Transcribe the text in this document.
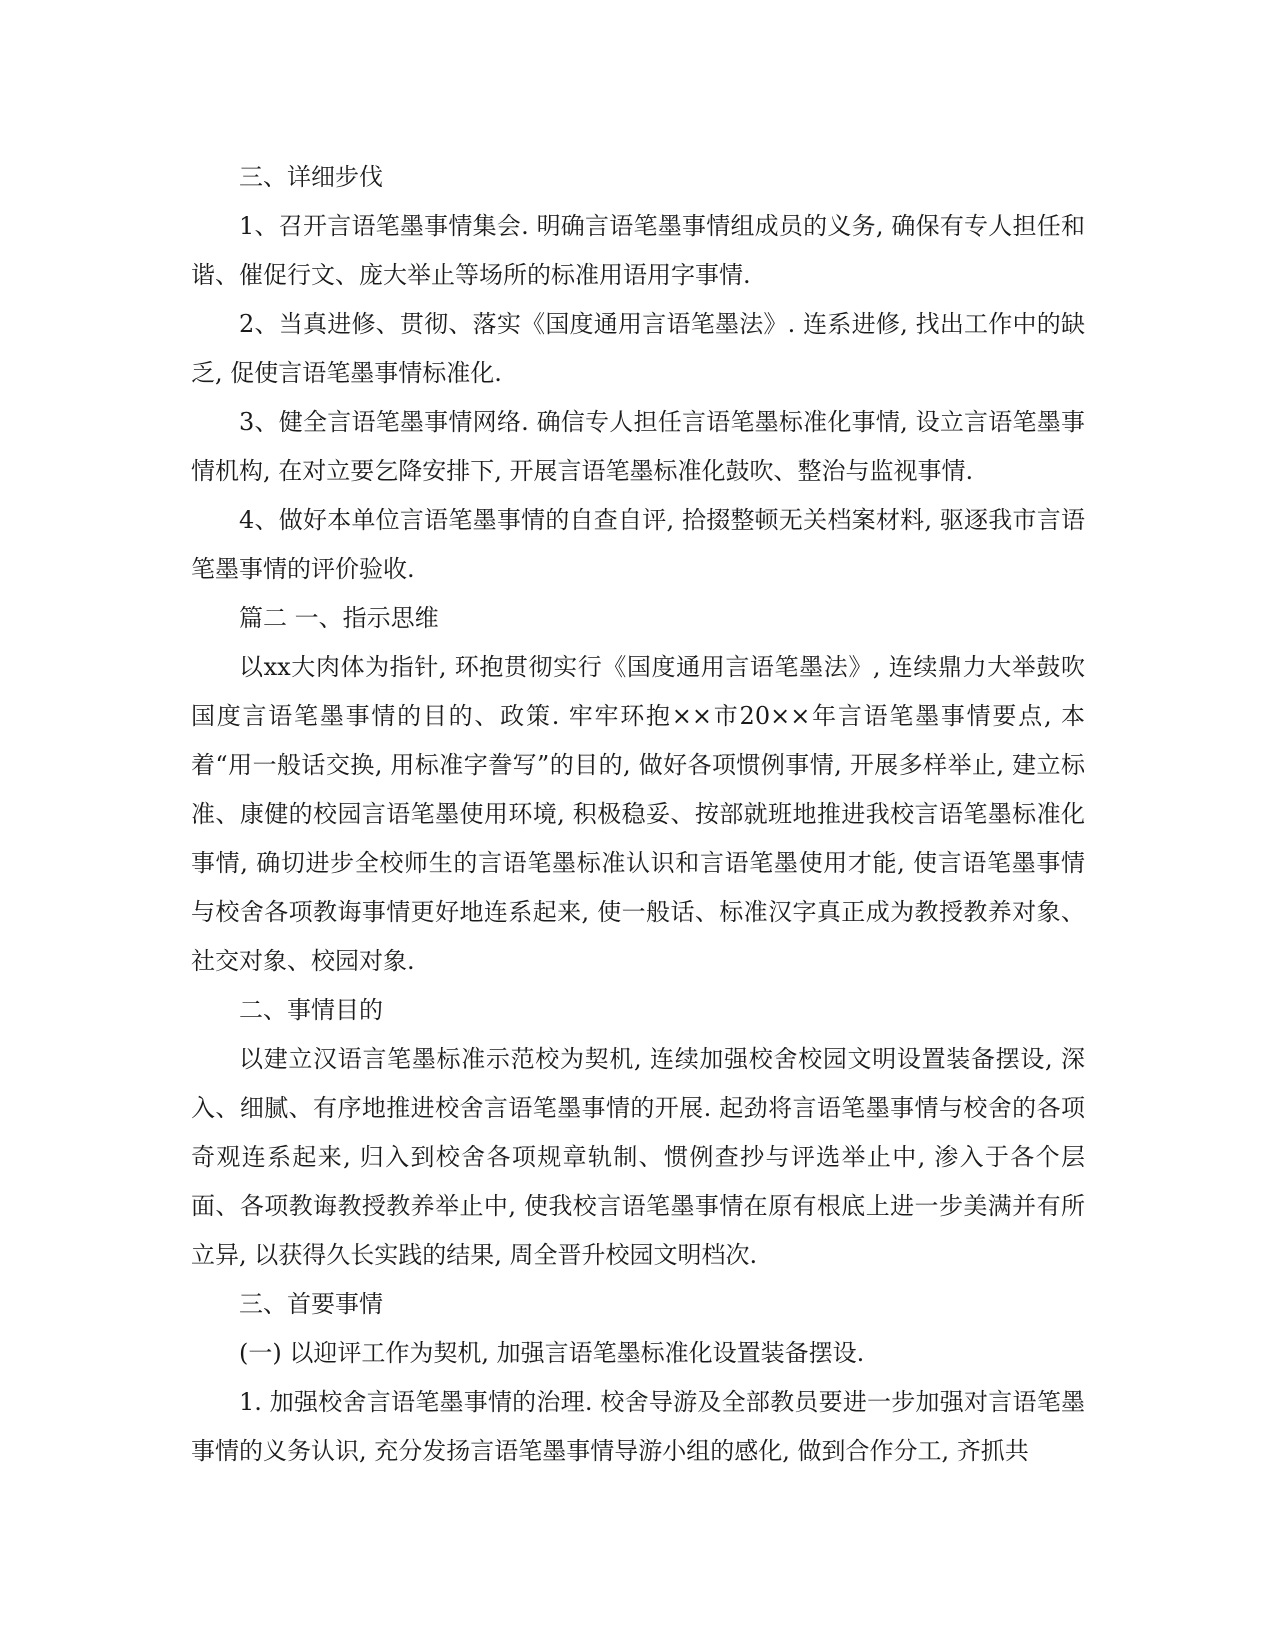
三、详细步伐

1、召开言语笔墨事情集会. 明确言语笔墨事情组成员的义务, 确保有专人担任和谐、催促行文、庞大举止等场所的标准用语用字事情.

2、当真进修、贯彻、落实《国度通用言语笔墨法》. 连系进修, 找出工作中的缺乏, 促使言语笔墨事情标准化.

3、健全言语笔墨事情网络. 确信专人担任言语笔墨标准化事情, 设立言语笔墨事情机构, 在对立要乞降安排下, 开展言语笔墨标准化鼓吹、整治与监视事情.

4、做好本单位言语笔墨事情的自查自评, 拾掇整顿无关档案材料, 驱逐我市言语笔墨事情的评价验收.

篇二 一、指示思维

以xx大肉体为指针, 环抱贯彻实行《国度通用言语笔墨法》, 连续鼎力大举鼓吹国度言语笔墨事情的目的、政策. 牢牢环抱××市20××年言语笔墨事情要点, 本着“用一般话交换, 用标准字誊写”的目的, 做好各项惯例事情, 开展多样举止, 建立标准、康健的校园言语笔墨使用环境, 积极稳妥、按部就班地推进我校言语笔墨标准化事情, 确切进步全校师生的言语笔墨标准认识和言语笔墨使用才能, 使言语笔墨事情与校舍各项教诲事情更好地连系起来, 使一般话、标准汉字真正成为教授教养对象、社交对象、校园对象.

二、事情目的

以建立汉语言笔墨标准示范校为契机, 连续加强校舍校园文明设置装备摆设, 深入、细腻、有序地推进校舍言语笔墨事情的开展. 起劲将言语笔墨事情与校舍的各项奇观连系起来, 归入到校舍各项规章轨制、惯例查抄与评选举止中, 渗入于各个层面、各项教诲教授教养举止中, 使我校言语笔墨事情在原有根底上进一步美满并有所立异, 以获得久长实践的结果, 周全晋升校园文明档次.

三、首要事情

(一) 以迎评工作为契机, 加强言语笔墨标准化设置装备摆设.

1. 加强校舍言语笔墨事情的治理. 校舍导游及全部教员要进一步加强对言语笔墨事情的义务认识, 充分发扬言语笔墨事情导游小组的感化, 做到合作分工, 齐抓共
